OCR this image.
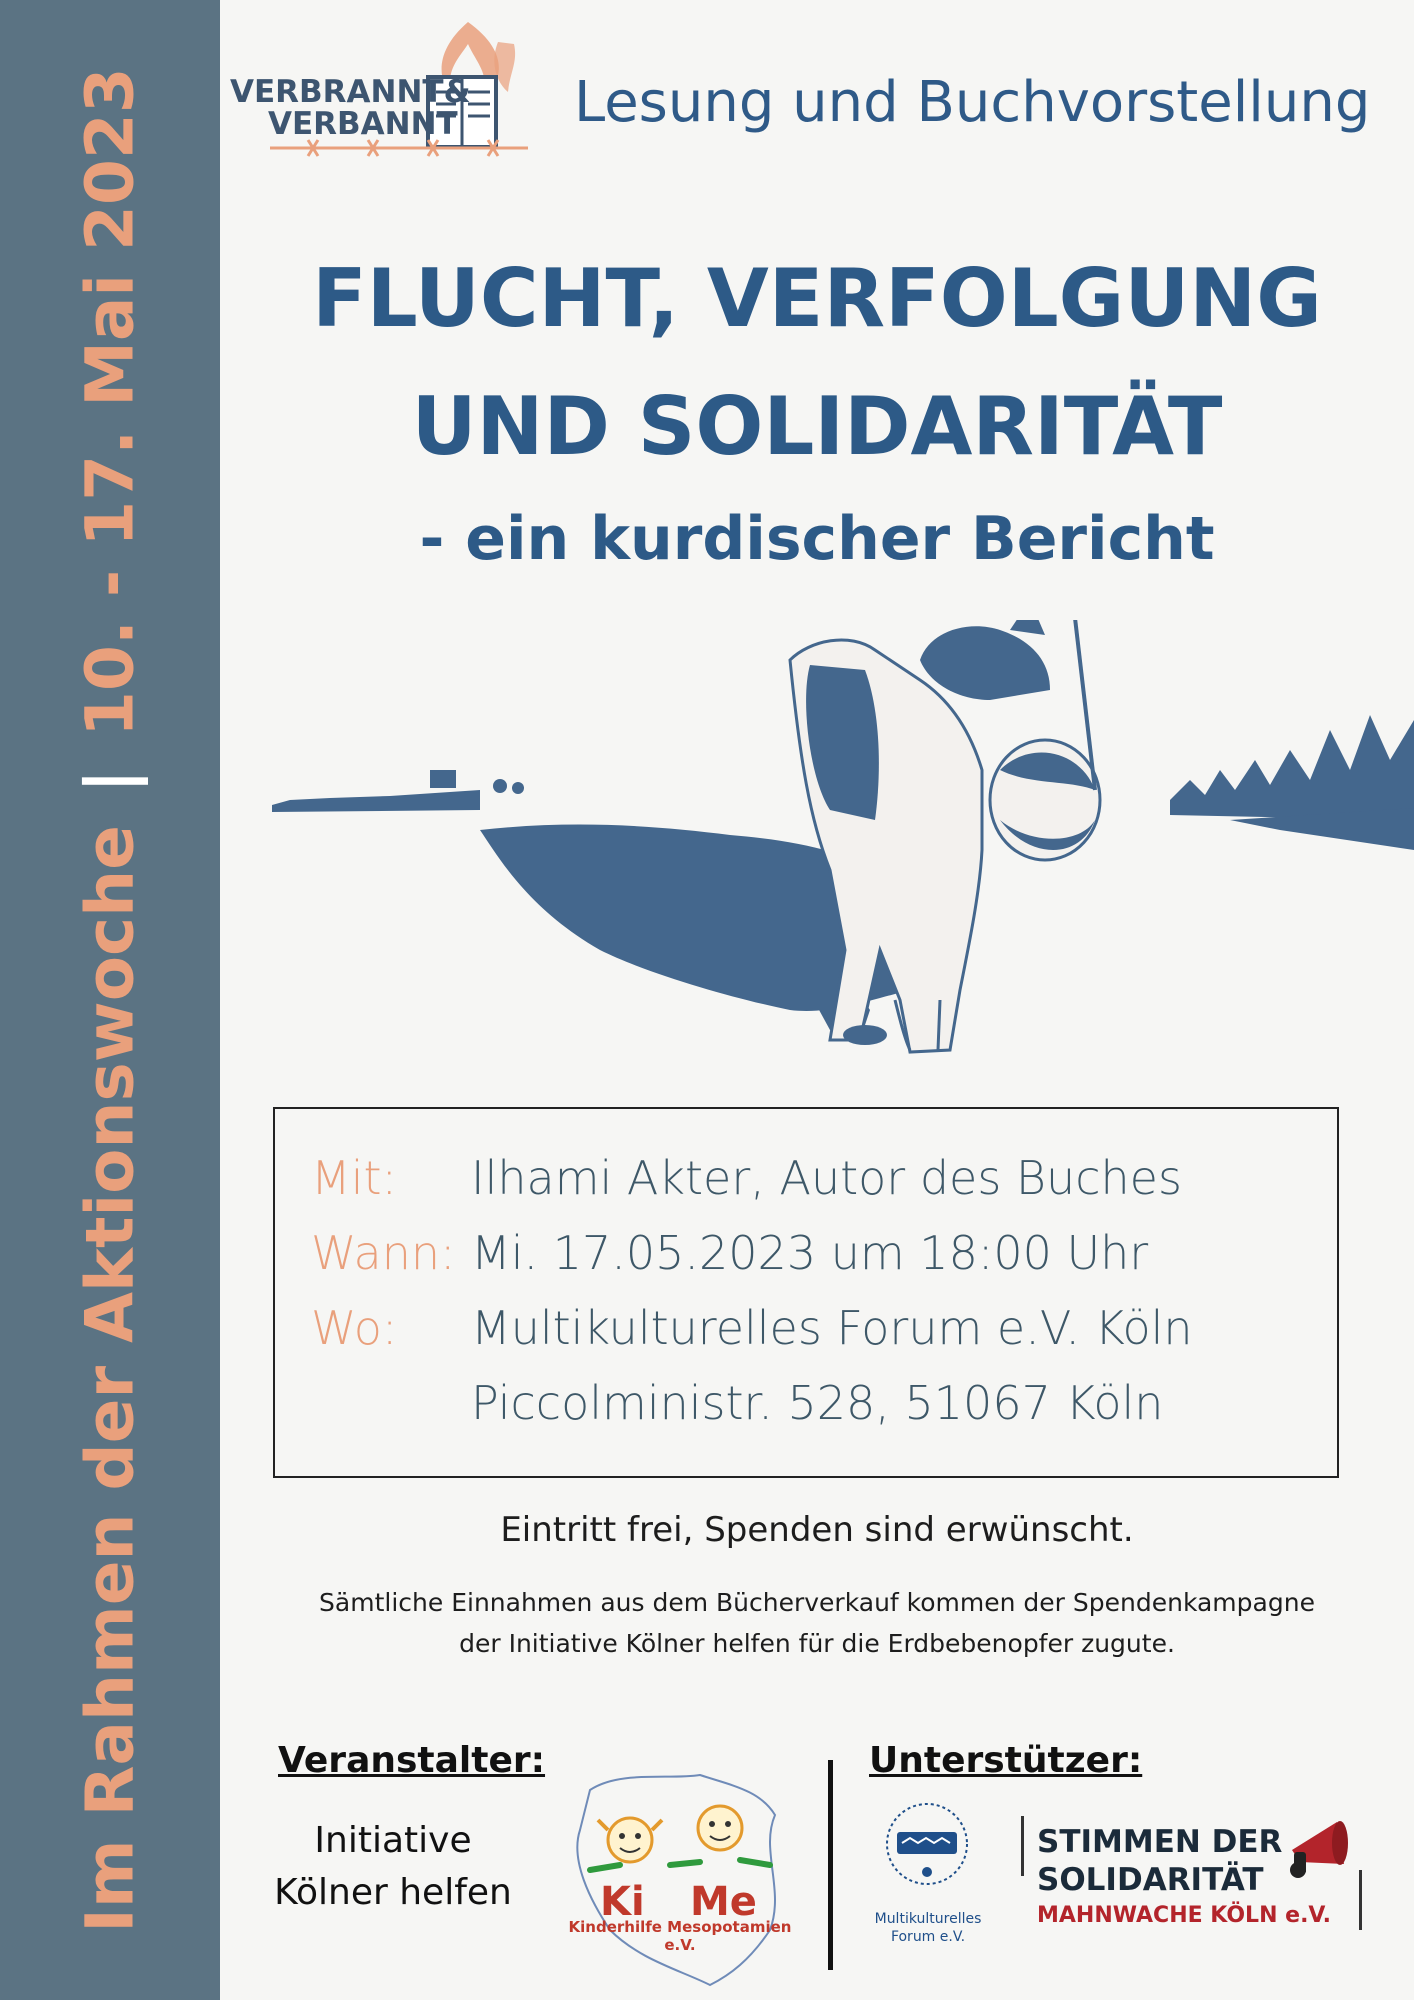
Im Rahmen der Aktionswoche|10. - 17. Mai 2023	VERBRANNT&
VERBANNT Lesung und Buchvorstellung
FLUCHT, VERFOLGUNG
UND SOLIDARITÄT
- ein kurdischer Bericht
Mit: Ilhami Akter, Autor des Buches
Wann: Mi. 17.05.2023 um 18:00 Uhr
Wo: Multikulturelles Forum e.V. Köln
Piccolministr. 528, 51067 Köln
Eintritt frei, Spenden sind erwünscht.
Sämtliche Einnahmen aus dem Bücherverkauf kommen der Spendenkampagne
der Initiative Kölner helfen für die Erdbebenopfer zugute.
Veranstalter:
Initiative
Kölner helfen	Ki Me
Kinderhilfe Mesopotamien e.V.
Unterstützer:
Multikulturelles
Forum e.V.
STIMMEN DER
SOLIDARITÄT
MAHNWACHE KÖLN e.V.
